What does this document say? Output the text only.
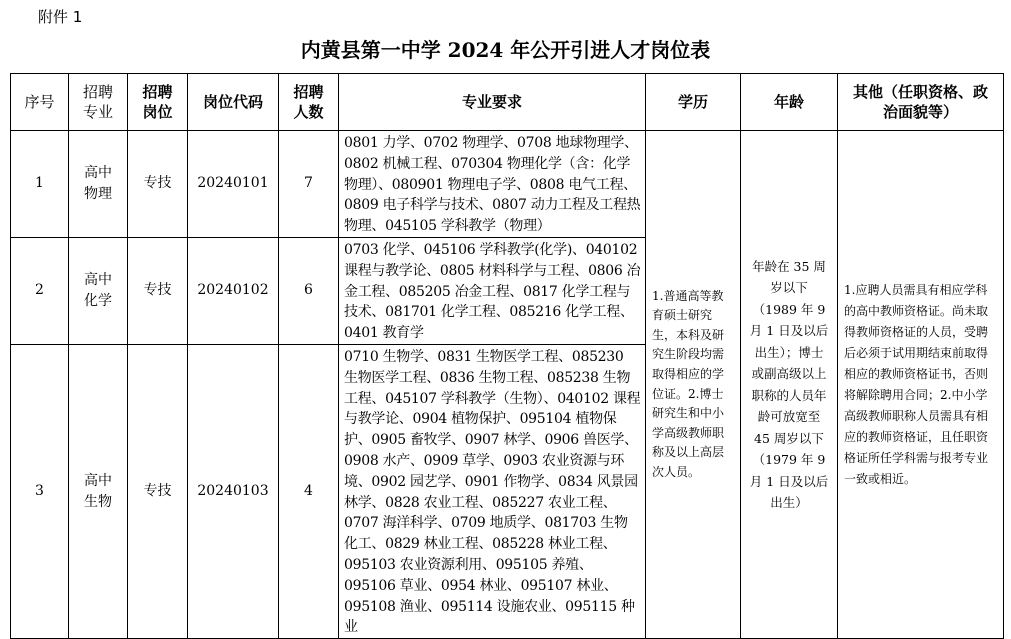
附件 1
内黄县第一中学 2024 年公开引进人才岗位表
序号	招聘专业	招聘岗位	岗位代码	招聘人数	专业要求	学历	年龄	其他（任职资格、政治面貌等）
1	高中物理	专技	20240101	7	0801 力学、0702 物理学、0708 地球物理学、0802 机械工程、070304 物理化学（含：化学物理）、080901 物理电子学、0808 电气工程、0809 电子科学与技术、0807 动力工程及工程热物理、045105 学科教学（物理）	1.普通高等教育硕士研究生，本科及研究生阶段均需取得相应的学位证。2.博士研究生和中小学高级教师职称及以上高层次人员。	年龄在 35 周岁以下（1989 年 9 月 1 日及以后出生）；博士或副高级以上职称的人员年龄可放宽至 45 周岁以下（1979 年 9 月 1 日及以后出生）	1.应聘人员需具有相应学科的高中教师资格证。尚未取得教师资格证的人员，受聘后必须于试用期结束前取得相应的教师资格证书，否则将解除聘用合同；2.中小学高级教师职称人员需具有相应的教师资格证，且任职资格证所任学科需与报考专业一致或相近。
2	高中化学	专技	20240102	6	0703 化学、045106 学科教学(化学)、040102 课程与教学论、0805 材料科学与工程、0806 冶金工程、085205 冶金工程、0817 化学工程与技术、081701 化学工程、085216 化学工程、0401 教育学			
3	高中生物	专技	20240103	4	0710 生物学、0831 生物医学工程、085230 生物医学工程、0836 生物工程、085238 生物工程、045107 学科教学（生物）、040102 课程与教学论、0904 植物保护、095104 植物保护、0905 畜牧学、0907 林学、0906 兽医学、0908 水产、0909 草学、0903 农业资源与环境、0902 园艺学、0901 作物学、0834 风景园林学、0828 农业工程、085227 农业工程、0707 海洋科学、0709 地质学、081703 生物化工、0829 林业工程、085228 林业工程、095103 农业资源利用、095105 养殖、095106 草业、0954 林业、095107 林业、095108 渔业、095114 设施农业、095115 种业			
